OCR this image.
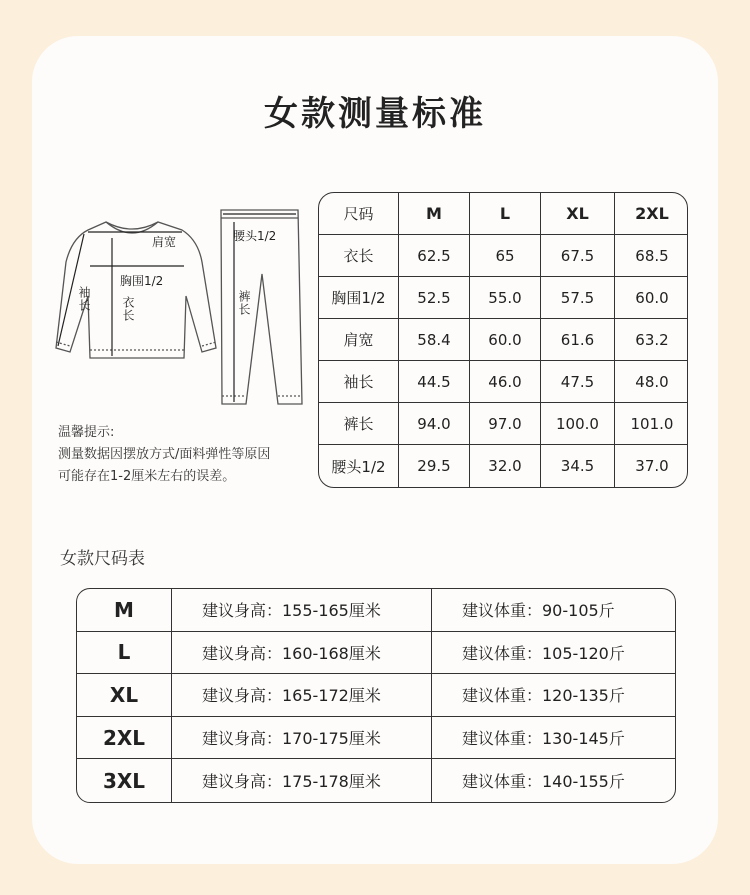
女款测量标准
肩宽
胸围1/2
衣长
袖长
腰头1/2
裤长
尺码	M	L	XL	2XL
衣长	62.5	65	67.5	68.5
胸围1/2	52.5	55.0	57.5	60.0
肩宽	58.4	60.0	61.6	63.2
袖长	44.5	46.0	47.5	48.0
裤长	94.0	97.0	100.0	101.0
腰头1/2	29.5	32.0	34.5	37.0
温馨提示:
测量数据因摆放方式/面料弹性等原因
可能存在1-2厘米左右的误差。
女款尺码表
M	建议身高：155-165厘米	建议体重：90-105斤
L	建议身高：160-168厘米	建议体重：105-120斤
XL	建议身高：165-172厘米	建议体重：120-135斤
2XL	建议身高：170-175厘米	建议体重：130-145斤
3XL	建议身高：175-178厘米	建议体重：140-155斤
